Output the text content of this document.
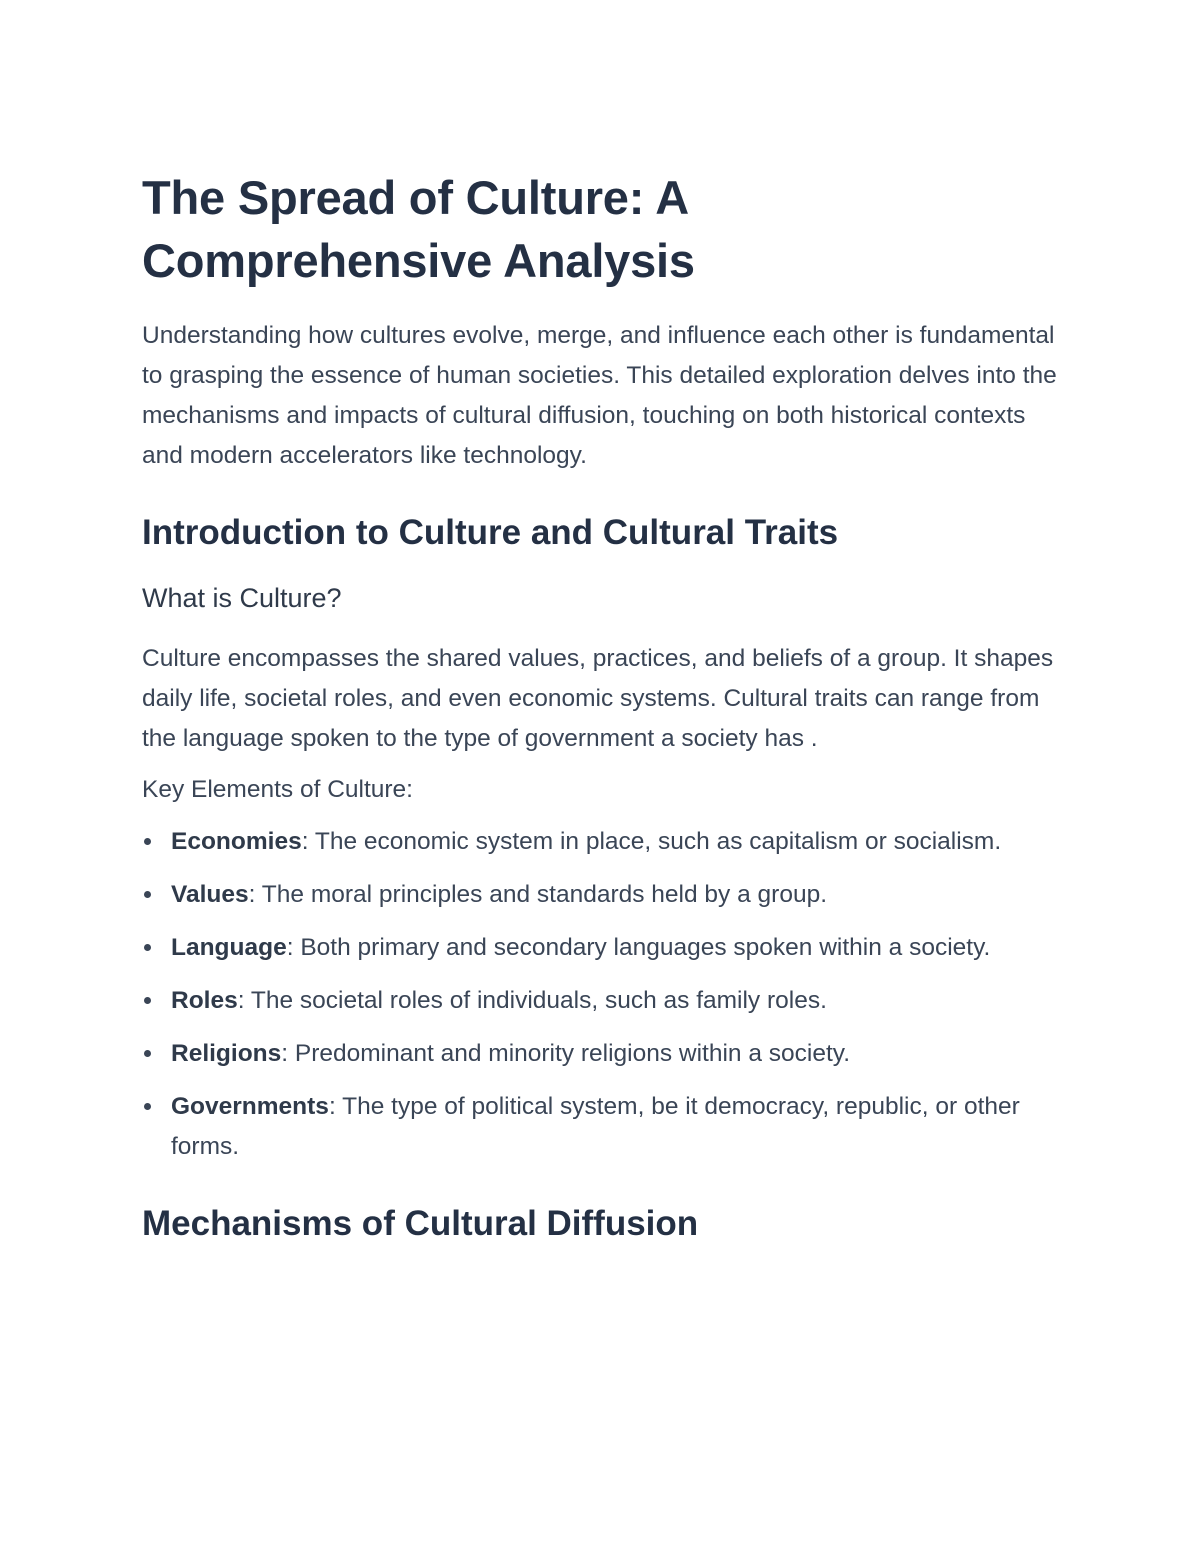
The Spread of Culture: A Comprehensive Analysis

Understanding how cultures evolve, merge, and influence each other is fundamental to grasping the essence of human societies. This detailed exploration delves into the mechanisms and impacts of cultural diffusion, touching on both historical contexts and modern accelerators like technology.

Introduction to Culture and Cultural Traits
What is Culture?

Culture encompasses the shared values, practices, and beliefs of a group. It shapes daily life, societal roles, and even economic systems. Cultural traits can range from the language spoken to the type of government a society has .

Key Elements of Culture:

Economies: The economic system in place, such as capitalism or socialism.
Values: The moral principles and standards held by a group.
Language: Both primary and secondary languages spoken within a society.
Roles: The societal roles of individuals, such as family roles.
Religions: Predominant and minority religions within a society.
Governments: The type of political system, be it democracy, republic, or other forms.
Mechanisms of Cultural Diffusion
